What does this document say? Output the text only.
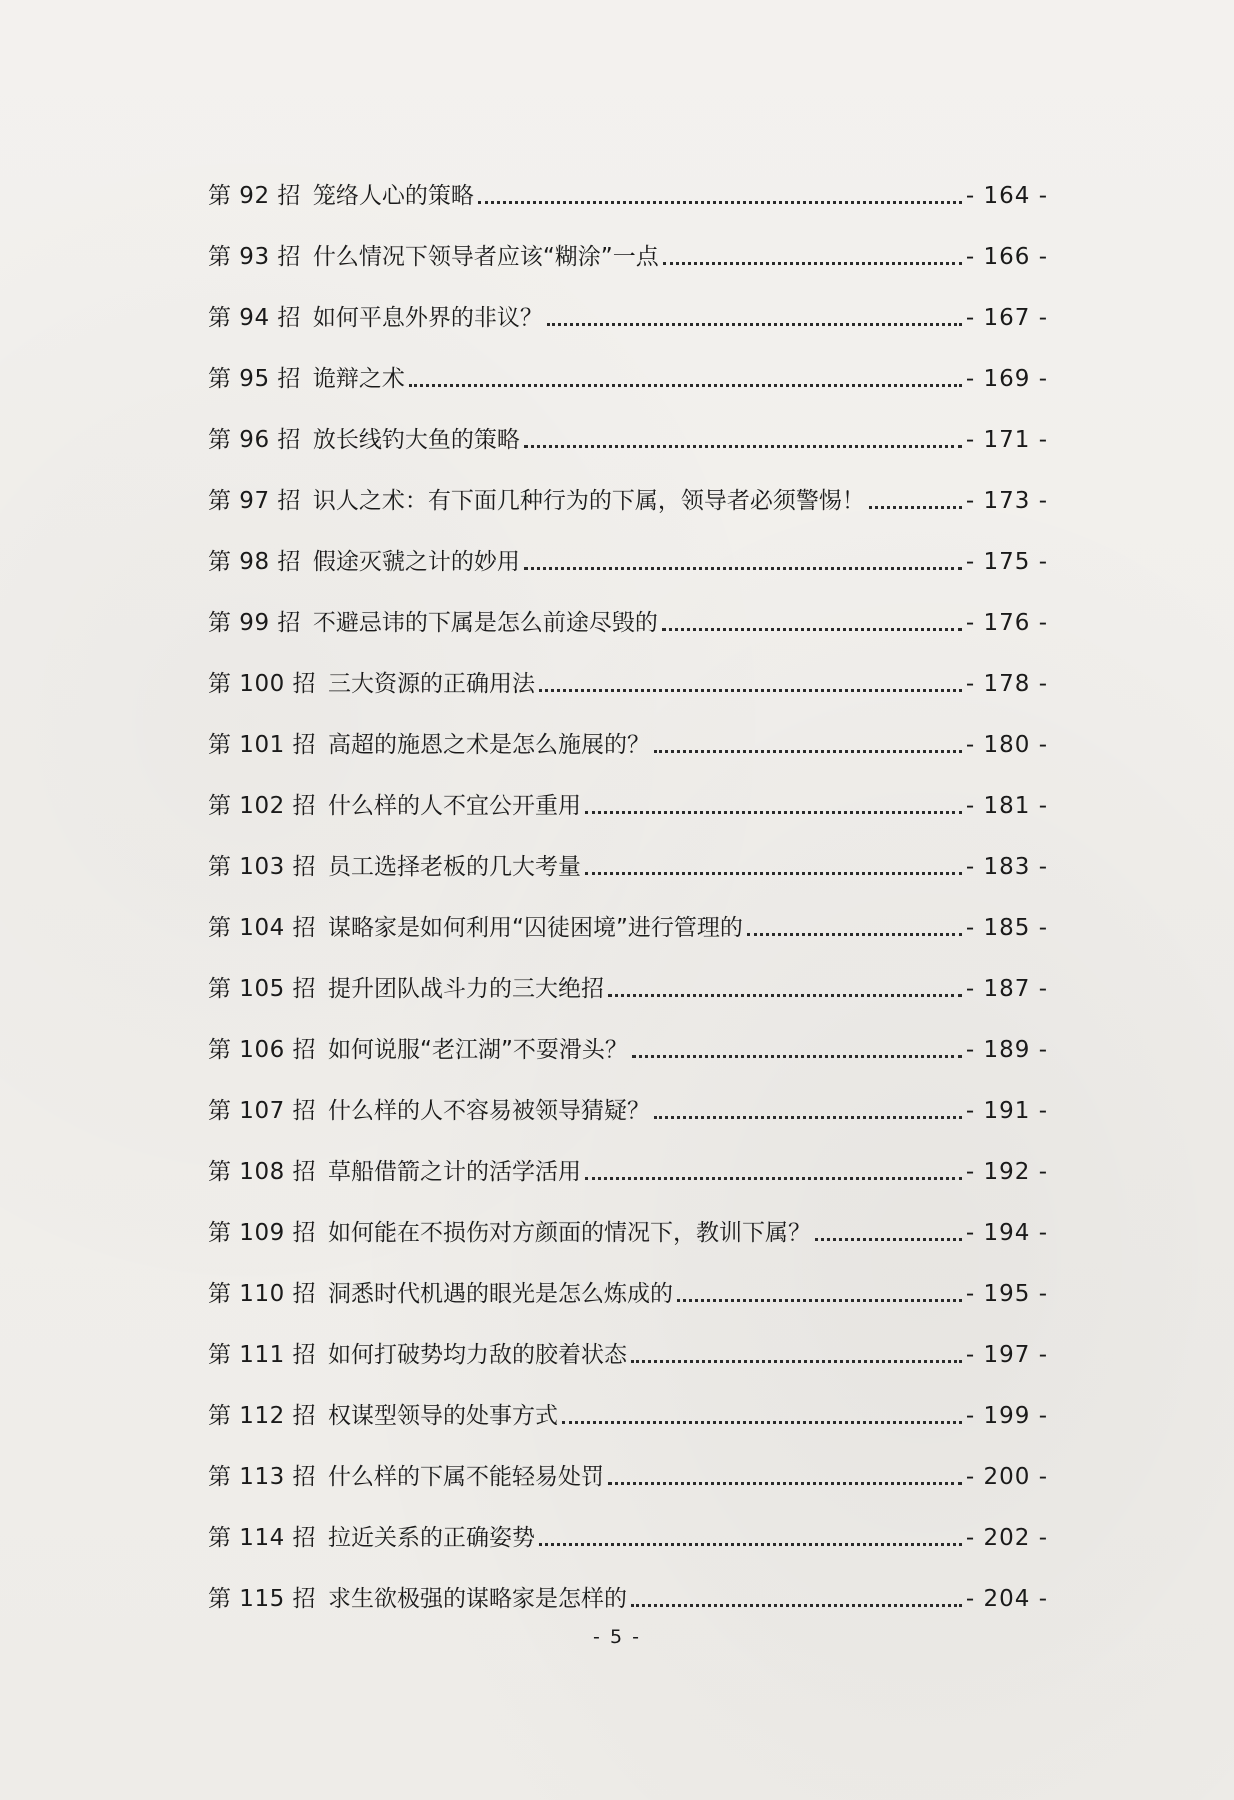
第 92 招 笼络人心的策略	- 164 -
第 93 招 什么情况下领导者应该“糊涂”一点	- 166 -
第 94 招 如何平息外界的非议？	- 167 -
第 95 招 诡辩之术	- 169 -
第 96 招 放长线钓大鱼的策略	- 171 -
第 97 招 识人之术：有下面几种行为的下属，领导者必须警惕！	- 173 -
第 98 招 假途灭虢之计的妙用	- 175 -
第 99 招 不避忌讳的下属是怎么前途尽毁的	- 176 -
第 100 招 三大资源的正确用法	- 178 -
第 101 招 高超的施恩之术是怎么施展的？	- 180 -
第 102 招 什么样的人不宜公开重用	- 181 -
第 103 招 员工选择老板的几大考量	- 183 -
第 104 招 谋略家是如何利用“囚徒困境”进行管理的	- 185 -
第 105 招 提升团队战斗力的三大绝招	- 187 -
第 106 招 如何说服“老江湖”不耍滑头？	- 189 -
第 107 招 什么样的人不容易被领导猜疑？	- 191 -
第 108 招 草船借箭之计的活学活用	- 192 -
第 109 招 如何能在不损伤对方颜面的情况下，教训下属？	- 194 -
第 110 招 洞悉时代机遇的眼光是怎么炼成的	- 195 -
第 111 招 如何打破势均力敌的胶着状态	- 197 -
第 112 招 权谋型领导的处事方式	- 199 -
第 113 招 什么样的下属不能轻易处罚	- 200 -
第 114 招 拉近关系的正确姿势	- 202 -
第 115 招 求生欲极强的谋略家是怎样的	- 204 -
- 5 -
